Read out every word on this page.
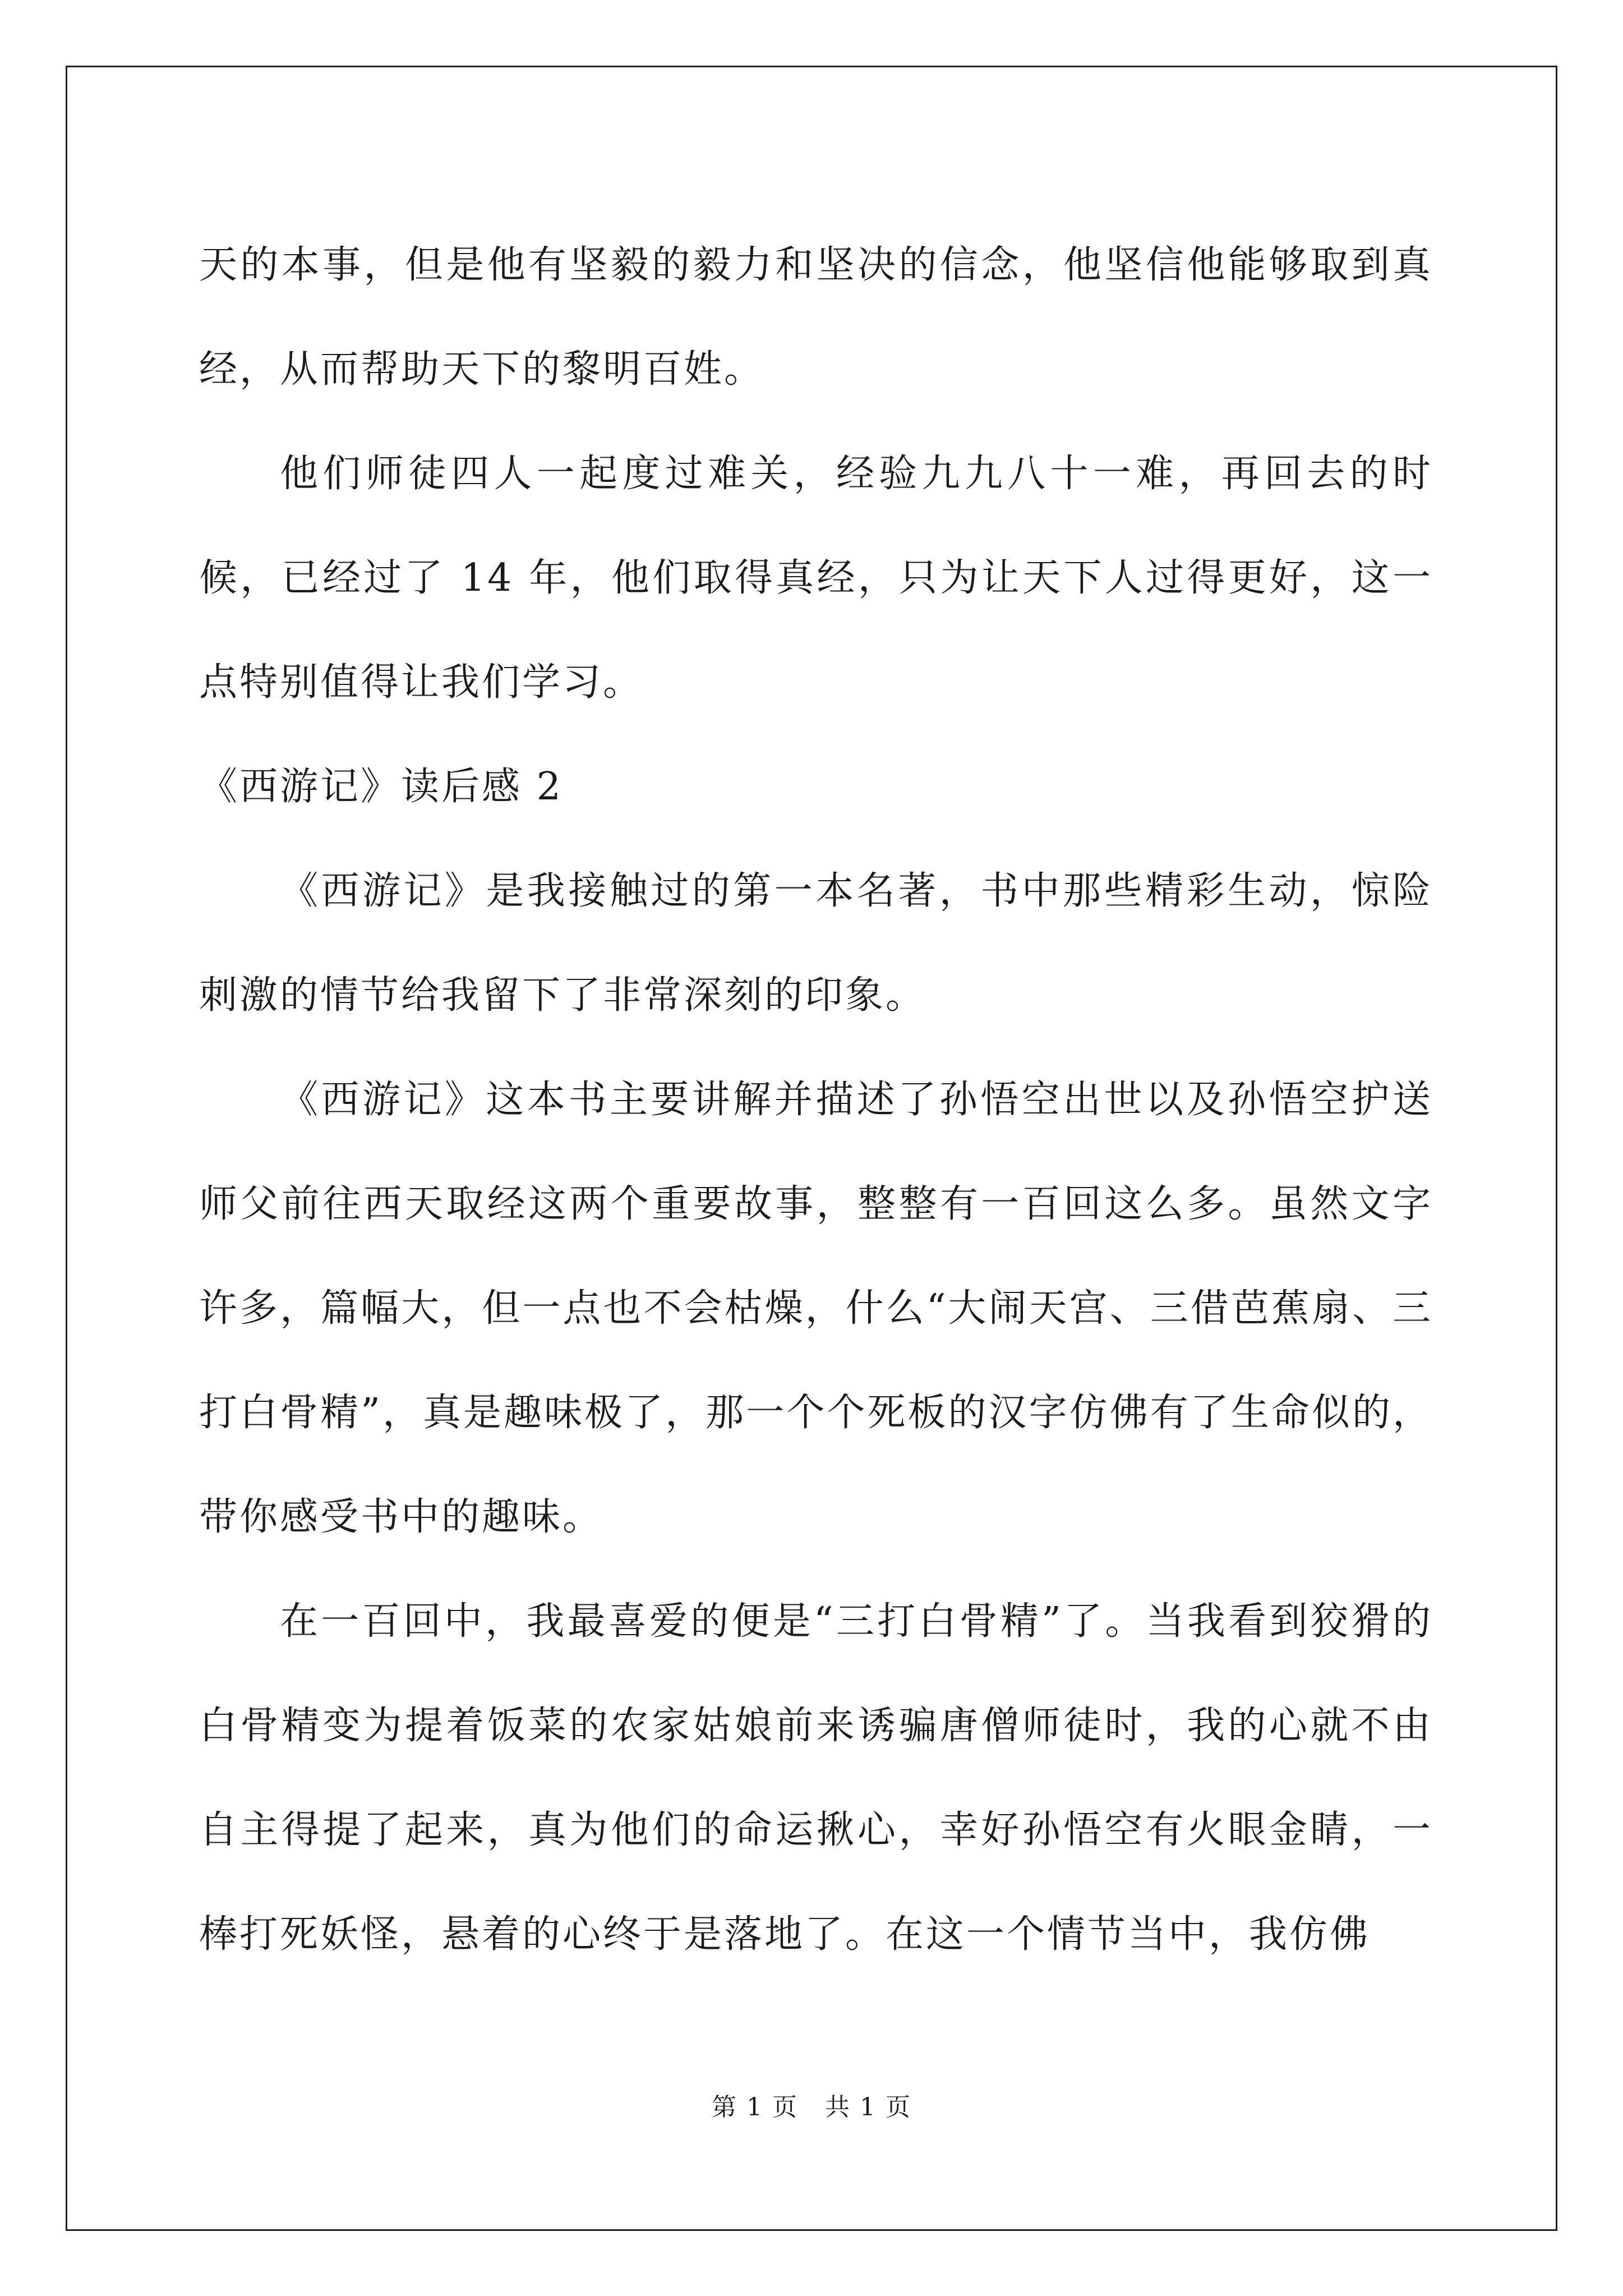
天的本事，但是他有坚毅的毅力和坚决的信念，他坚信他能够取到真经，从而帮助天下的黎明百姓。

他们师徒四人一起度过难关，经验九九八十一难，再回去的时候，已经过了 14 年，他们取得真经，只为让天下人过得更好，这一点特别值得让我们学习。

《西游记》读后感 2

《西游记》是我接触过的第一本名著，书中那些精彩生动，惊险刺激的情节给我留下了非常深刻的印象。

《西游记》这本书主要讲解并描述了孙悟空出世以及孙悟空护送师父前往西天取经这两个重要故事，整整有一百回这么多。虽然文字许多，篇幅大，但一点也不会枯燥，什么“大闹天宫、三借芭蕉扇、三打白骨精”，真是趣味极了，那一个个死板的汉字仿佛有了生命似的，带你感受书中的趣味。

在一百回中，我最喜爱的便是“三打白骨精”了。当我看到狡猾的白骨精变为提着饭菜的农家姑娘前来诱骗唐僧师徒时，我的心就不由自主得提了起来，真为他们的命运揪心，幸好孙悟空有火眼金睛，一棒打死妖怪，悬着的心终于是落地了。在这一个情节当中，我仿佛

第 1 页 共 1 页
